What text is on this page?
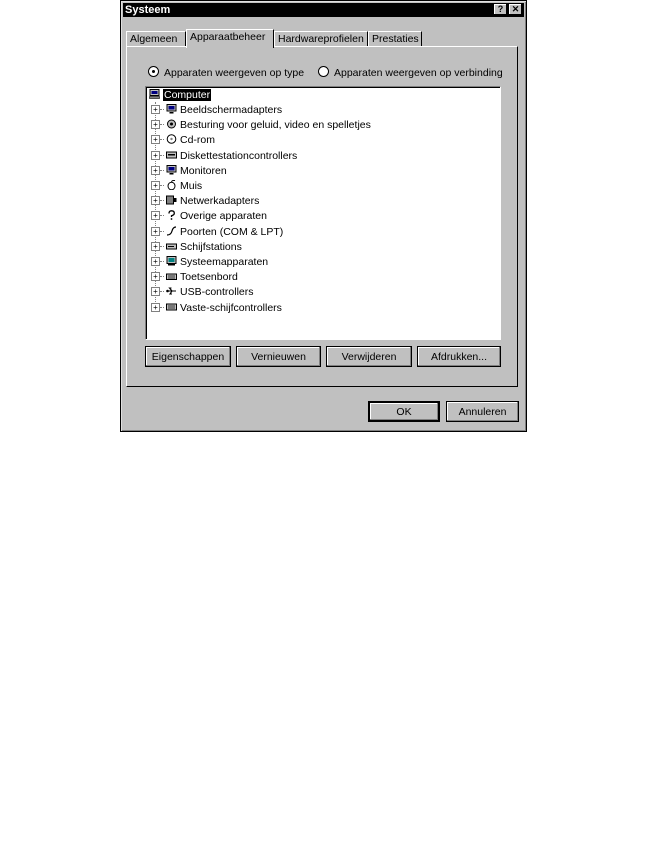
Systeem	? ✕
Algemeen	Apparaatbeheer	Hardwareprofielen Prestaties
Apparaten weergeven op type	Apparaten weergeven op verbinding
Computer
+ Beeldschermadapters
+ Besturing voor geluid, video en spelletjes
+ Cd-rom
+ Diskettestationcontrollers
+ Monitoren
+ Muis
+ Netwerkadapters
+ Overige apparaten
+ Poorten (COM & LPT)
+ Schijfstations
+ Systeemapparaten
+ Toetsenbord
+ USB-controllers
+ Vaste-schijfcontrollers
Eigenschappen	Vernieuwen	Verwijderen	Afdrukken...
OK	Annuleren
